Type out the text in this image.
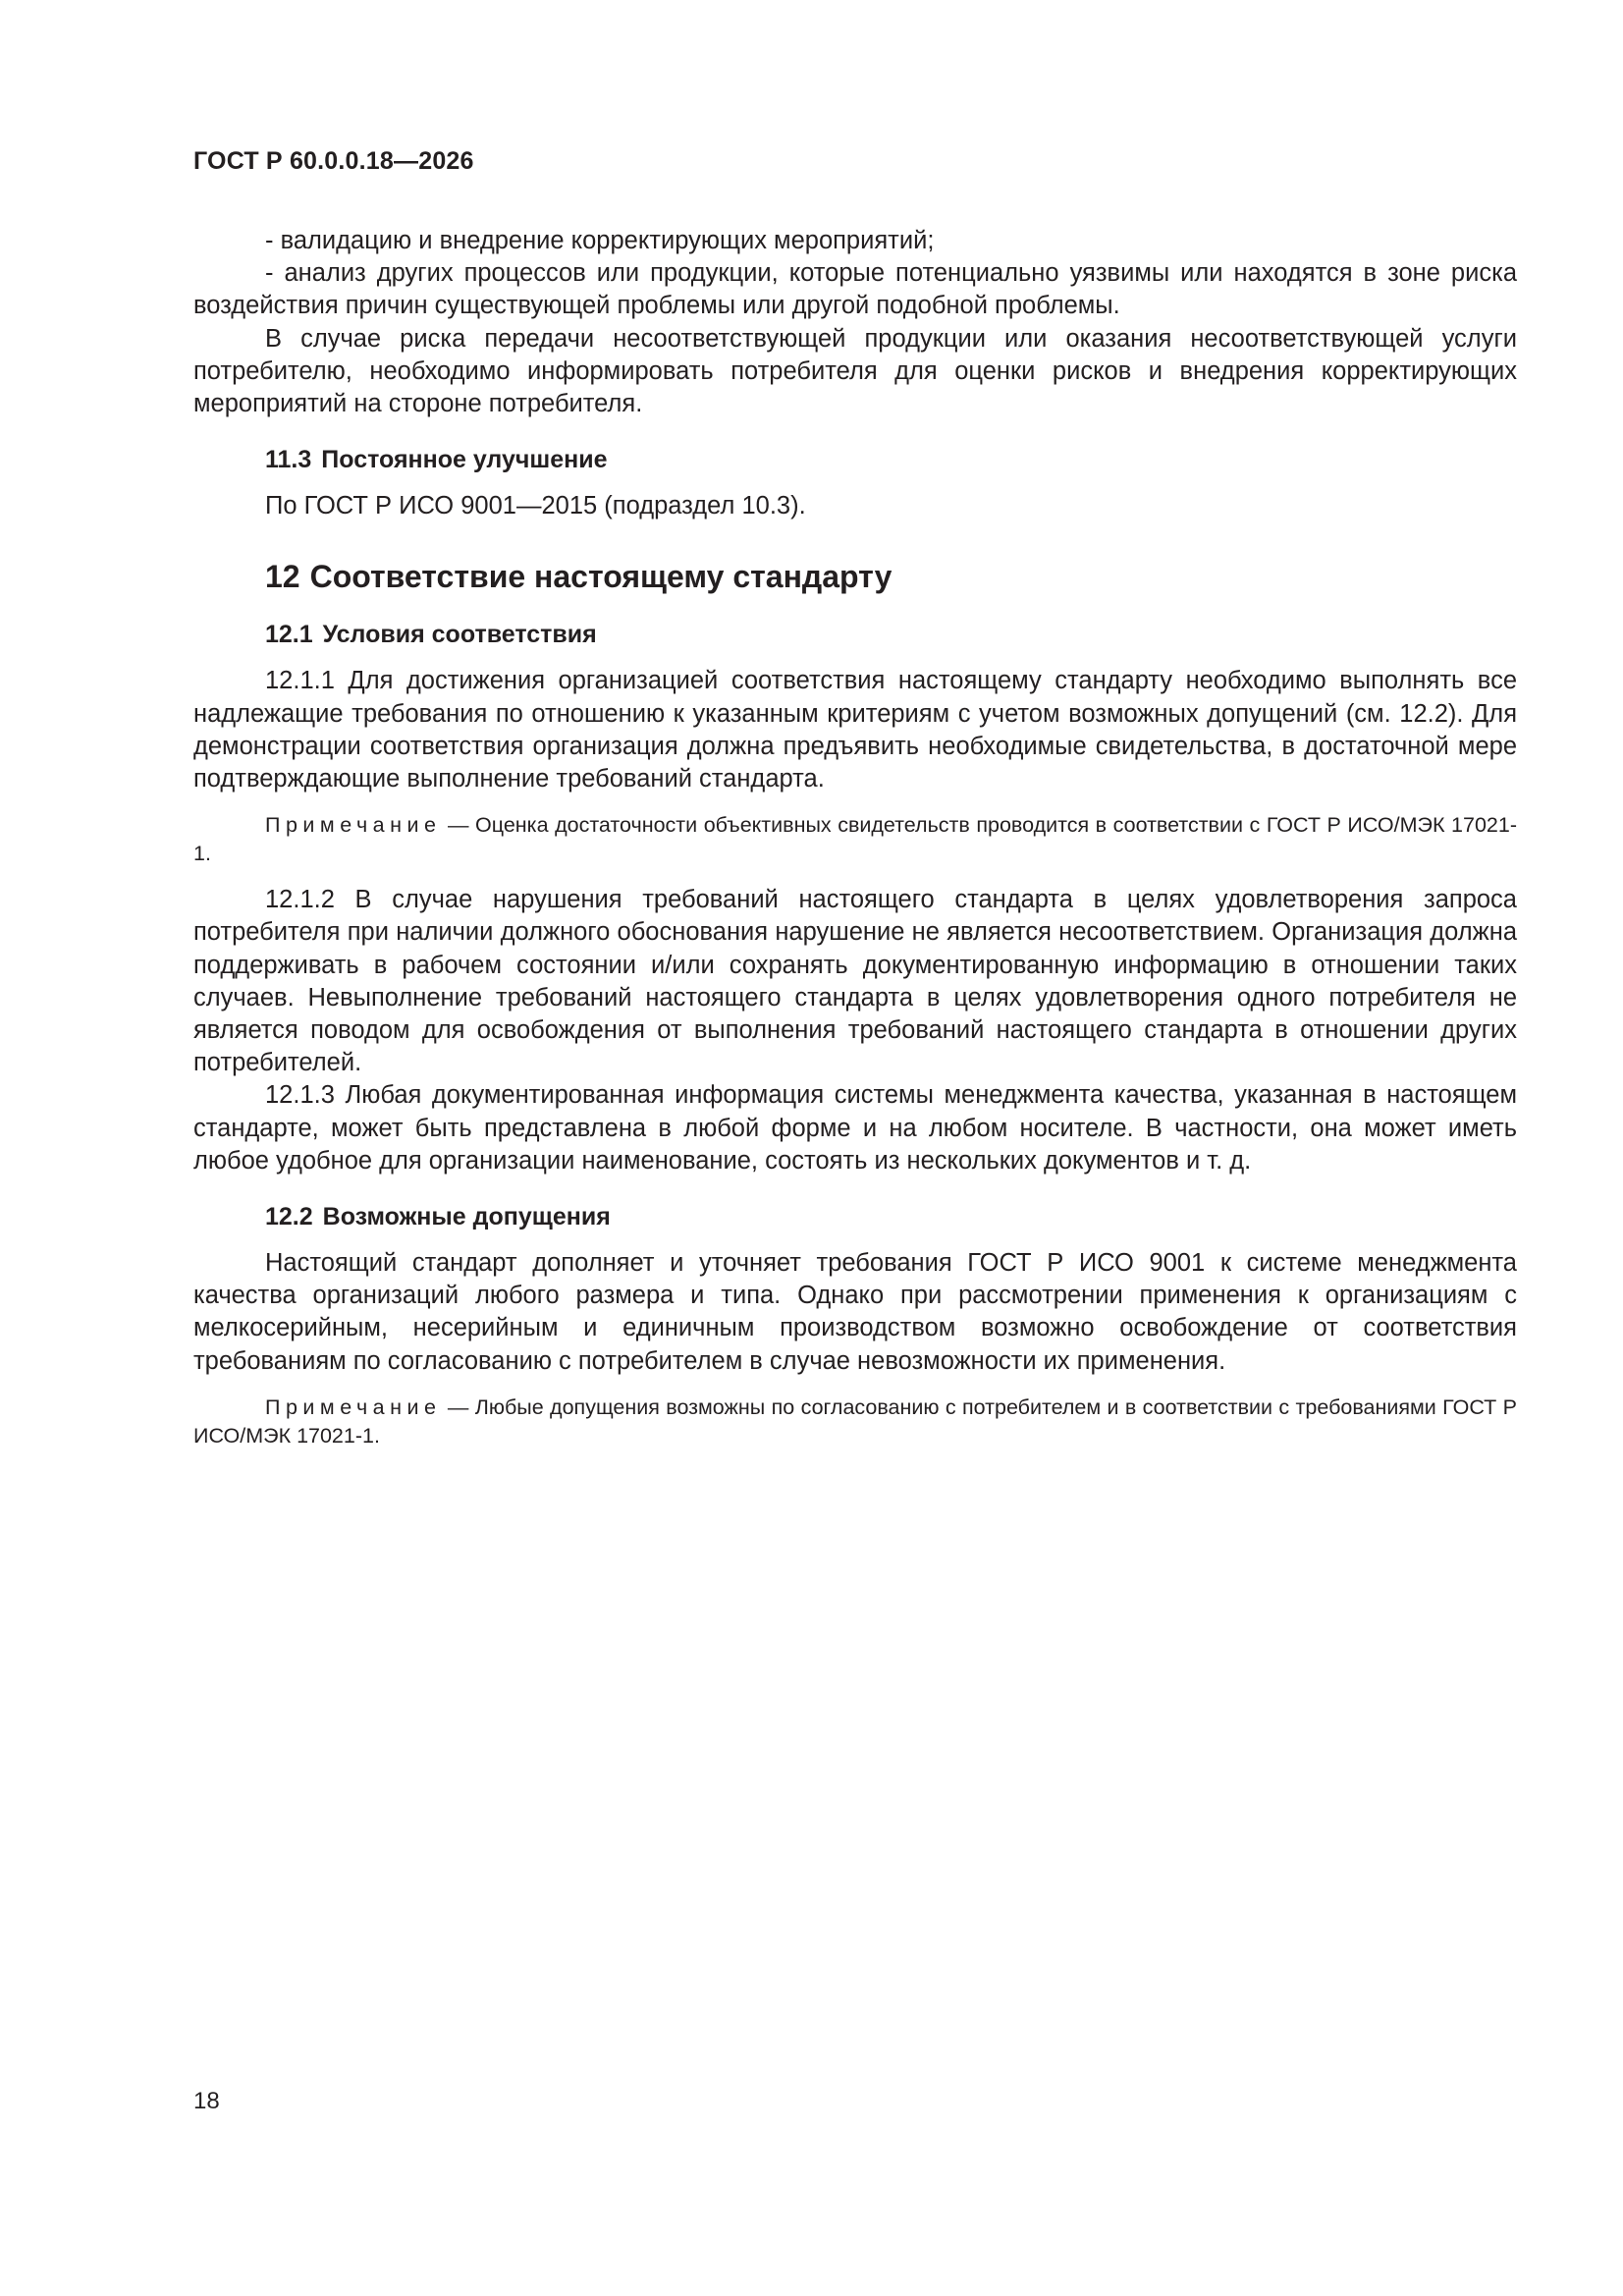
ГОСТ Р 60.0.0.18—2026

- валидацию и внедрение корректирующих мероприятий;

- анализ других процессов или продукции, которые потенциально уязвимы или находятся в зоне риска воздействия причин существующей проблемы или другой подобной проблемы.

В случае риска передачи несоответствующей продукции или оказания несоответствующей услуги потребителю, необходимо информировать потребителя для оценки рисков и внедрения корректирующих мероприятий на стороне потребителя.

11.3 Постоянное улучшение

По ГОСТ Р ИСО 9001—2015 (подраздел 10.3).

12 Соответствие настоящему стандарту
12.1 Условия соответствия

12.1.1 Для достижения организацией соответствия настоящему стандарту необходимо выполнять все надлежащие требования по отношению к указанным критериям с учетом возможных допущений (см. 12.2). Для демонстрации соответствия организация должна предъявить необходимые свидетельства, в достаточной мере подтверждающие выполнение требований стандарта.

Примечание — Оценка достаточности объективных свидетельств проводится в соответствии с ГОСТ Р ИСО/МЭК 17021-1.

12.1.2 В случае нарушения требований настоящего стандарта в целях удовлетворения запроса потребителя при наличии должного обоснования нарушение не является несоответствием. Организация должна поддерживать в рабочем состоянии и/или сохранять документированную информацию в отношении таких случаев. Невыполнение требований настоящего стандарта в целях удовлетворения одного потребителя не является поводом для освобождения от выполнения требований настоящего стандарта в отношении других потребителей.

12.1.3 Любая документированная информация системы менеджмента качества, указанная в настоящем стандарте, может быть представлена в любой форме и на любом носителе. В частности, она может иметь любое удобное для организации наименование, состоять из нескольких документов и т. д.

12.2 Возможные допущения

Настоящий стандарт дополняет и уточняет требования ГОСТ Р ИСО 9001 к системе менеджмента качества организаций любого размера и типа. Однако при рассмотрении применения к организациям с мелкосерийным, несерийным и единичным производством возможно освобождение от соответствия требованиям по согласованию с потребителем в случае невозможности их применения.

Примечание — Любые допущения возможны по согласованию с потребителем и в соответствии с требованиями ГОСТ Р ИСО/МЭК 17021-1.
18
